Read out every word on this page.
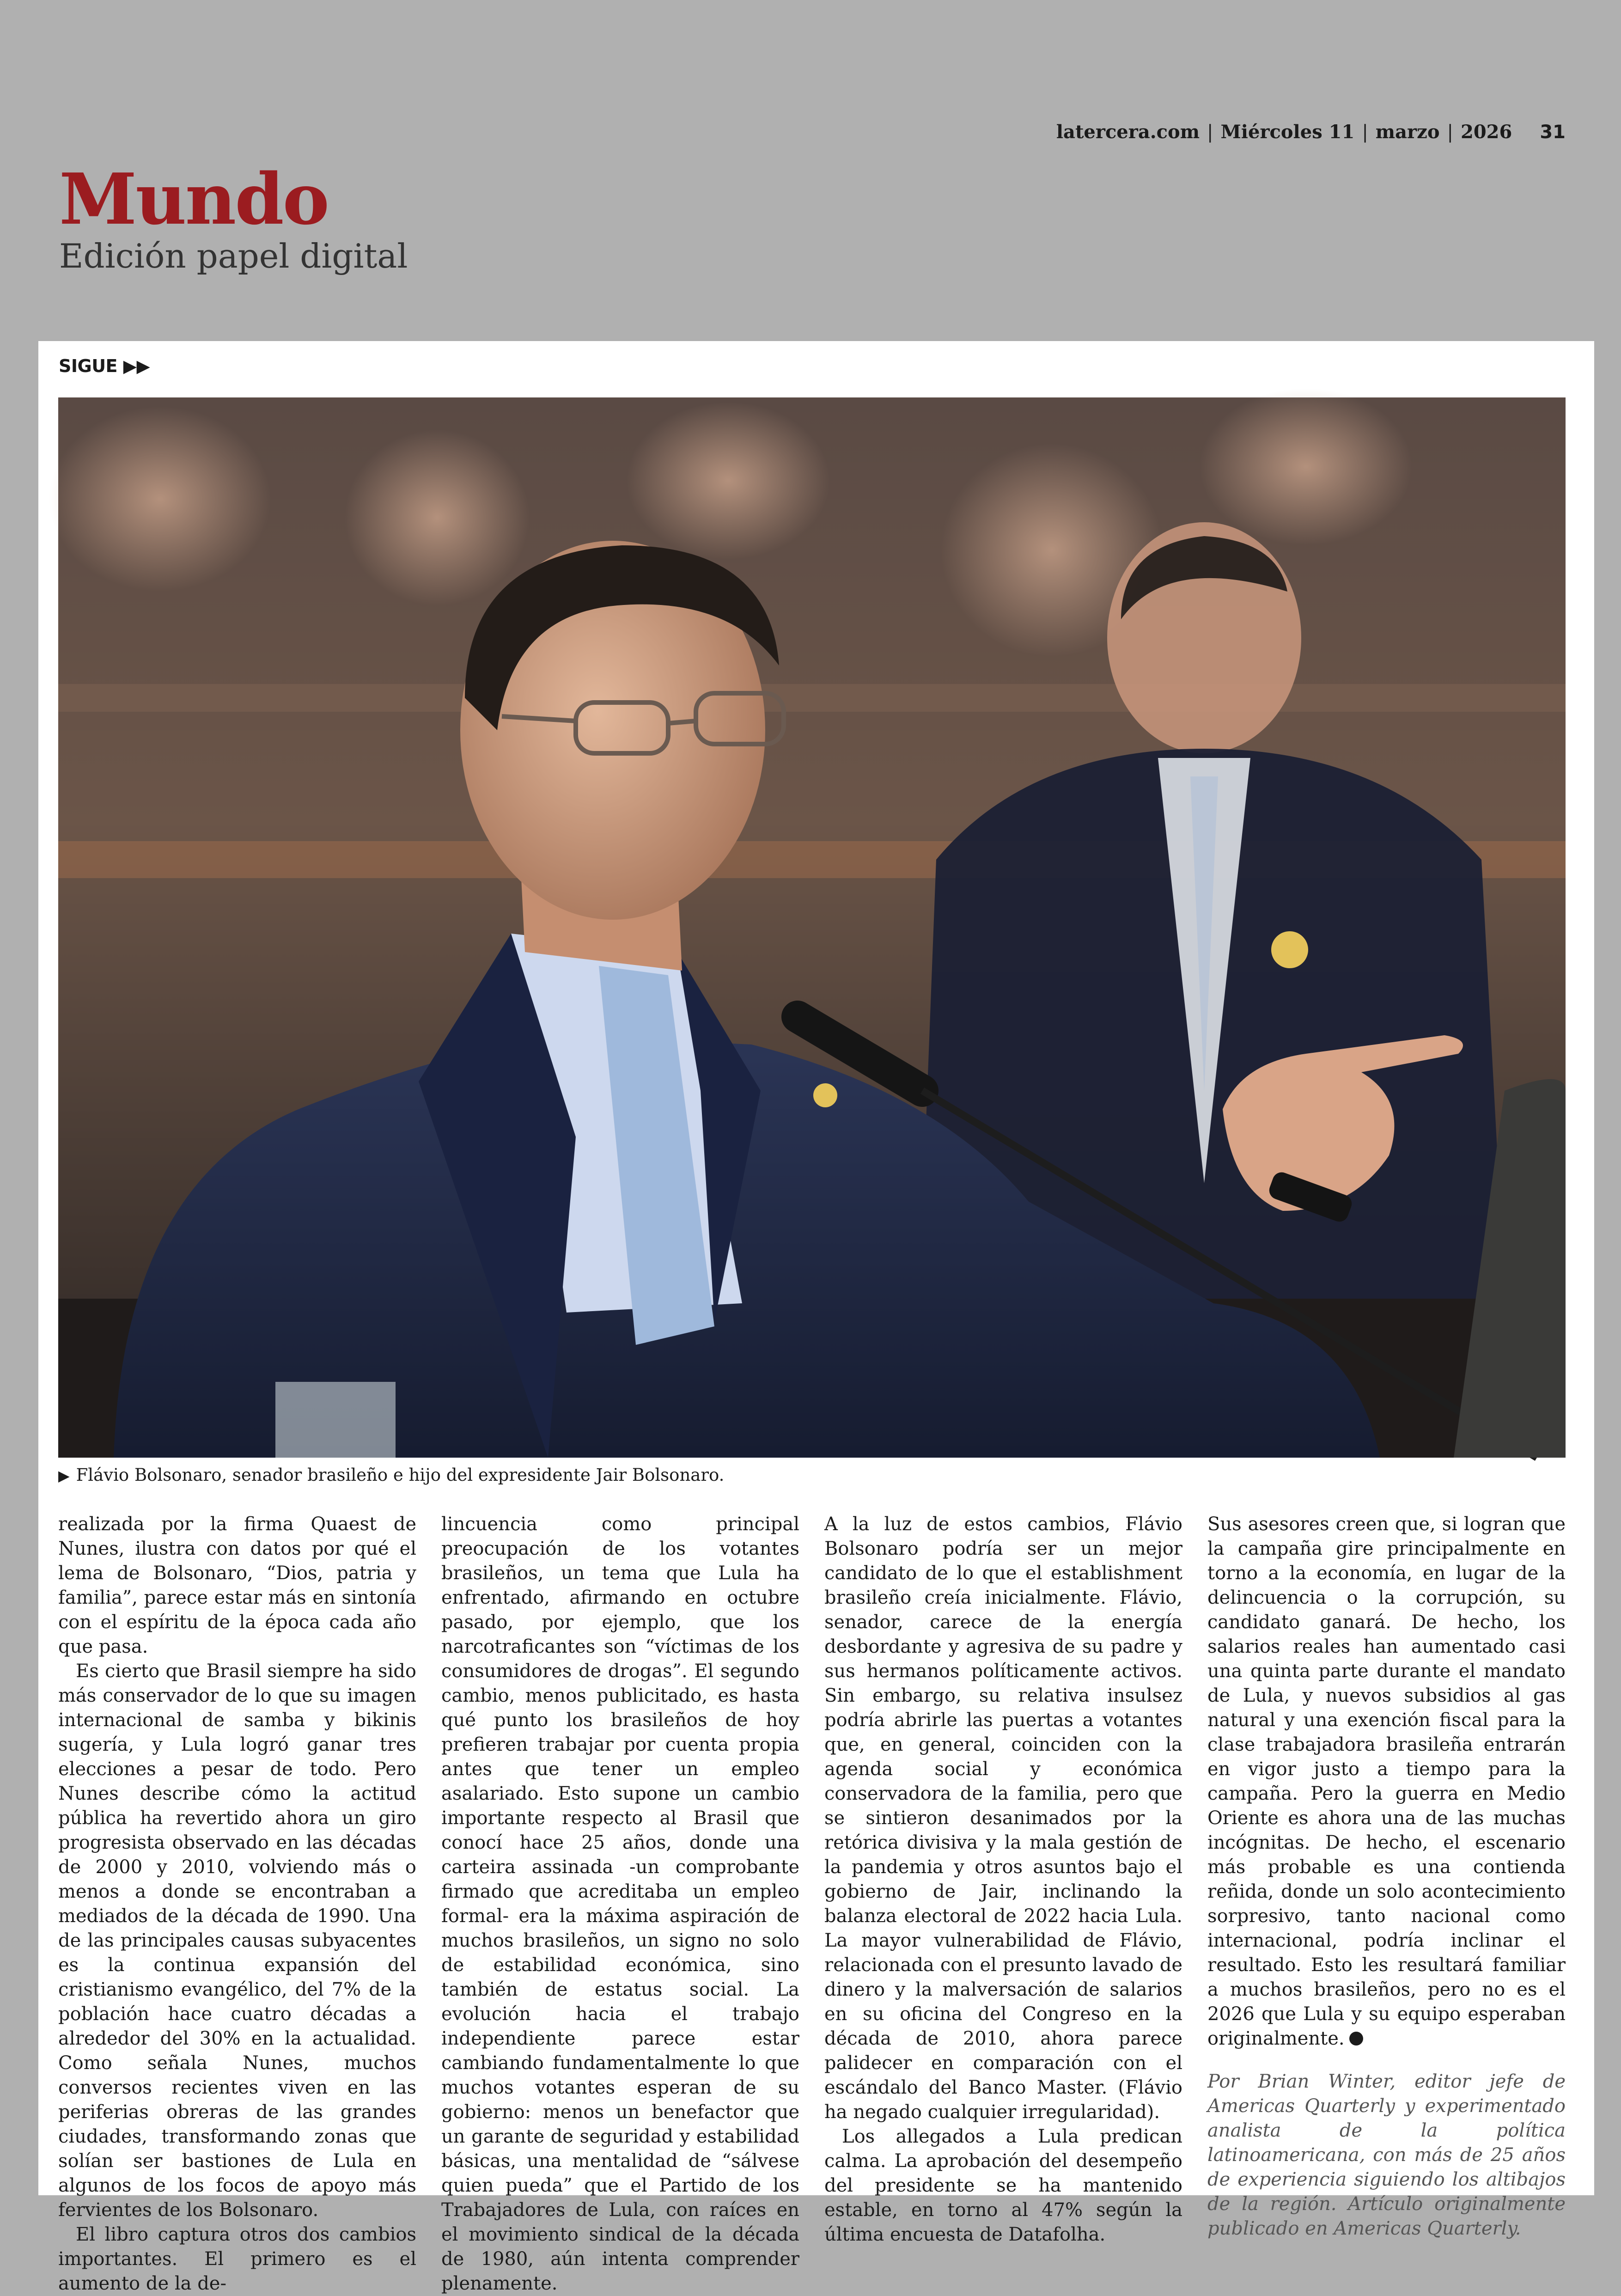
latercera.com | Miércoles 11 | marzo | 2026 31
Mundo
Edición papel digital
SIGUE ▶▶
▶ Flávio Bolsonaro, senador brasileño e hijo del expresidente Jair Bolsonaro.

realizada por la firma Quaest de Nunes, ilustra con datos por qué el lema de Bolsonaro, “Dios, patria y familia”, parece estar más en sintonía con el espíritu de la época cada año que pasa.

Es cierto que Brasil siempre ha sido más conservador de lo que su imagen internacional de samba y bikinis sugería, y Lula logró ganar tres elecciones a pesar de todo. Pero Nunes describe cómo la actitud pública ha revertido ahora un giro progresista observado en las décadas de 2000 y 2010, volviendo más o menos a donde se encontraban a mediados de la década de 1990. Una de las principales causas subyacentes es la continua expansión del cristianismo evangélico, del 7% de la población hace cuatro décadas a alrededor del 30% en la actualidad. Como señala Nunes, muchos conversos recientes viven en las periferias obreras de las grandes ciudades, transformando zonas que solían ser bastiones de Lula en algunos de los focos de apoyo más fervientes de los Bolsonaro.

El libro captura otros dos cambios importantes. El primero es el aumento de la de-

lincuencia como principal preocupación de los votantes brasileños, un tema que Lula ha enfrentado, afirmando en octubre pasado, por ejemplo, que los narcotraficantes son “víctimas de los consumidores de drogas”. El segundo cambio, menos publicitado, es hasta qué punto los brasileños de hoy prefieren trabajar por cuenta propia antes que tener un empleo asalariado. Esto supone un cambio importante respecto al Brasil que conocí hace 25 años, donde una carteira assinada -un comprobante firmado que acreditaba un empleo formal- era la máxima aspiración de muchos brasileños, un signo no solo de estabilidad económica, sino también de estatus social. La evolución hacia el trabajo independiente parece estar cambiando fundamentalmente lo que muchos votantes esperan de su gobierno: menos un benefactor que un garante de seguridad y estabilidad básicas, una mentalidad de “sálvese quien pueda” que el Partido de los Trabajadores de Lula, con raíces en el movimiento sindical de la década de 1980, aún intenta comprender plenamente.

A la luz de estos cambios, Flávio Bolsonaro podría ser un mejor candidato de lo que el establishment brasileño creía inicialmente. Flávio, senador, carece de la energía desbordante y agresiva de su padre y sus hermanos políticamente activos. Sin embargo, su relativa insulsez podría abrirle las puertas a votantes que, en general, coinciden con la agenda social y económica conservadora de la familia, pero que se sintieron desanimados por la retórica divisiva y la mala gestión de la pandemia y otros asuntos bajo el gobierno de Jair, inclinando la balanza electoral de 2022 hacia Lula. La mayor vulnerabilidad de Flávio, relacionada con el presunto lavado de dinero y la malversación de salarios en su oficina del Congreso en la década de 2010, ahora parece palidecer en comparación con el escándalo del Banco Master. (Flávio ha negado cualquier irregularidad).

Los allegados a Lula predican calma. La aprobación del desempeño del presidente se ha mantenido estable, en torno al 47% según la última encuesta de Datafolha.

Sus asesores creen que, si logran que la campaña gire principalmente en torno a la economía, en lugar de la delincuencia o la corrupción, su candidato ganará. De hecho, los salarios reales han aumentado casi una quinta parte durante el mandato de Lula, y nuevos subsidios al gas natural y una exención fiscal para la clase trabajadora brasileña entrarán en vigor justo a tiempo para la campaña. Pero la guerra en Medio Oriente es ahora una de las muchas incógnitas. De hecho, el escenario más probable es una contienda reñida, donde un solo acontecimiento sorpresivo, tanto nacional como internacional, podría inclinar el resultado. Esto les resultará familiar a muchos brasileños, pero no es el 2026 que Lula y su equipo esperaban originalmente.

Por Brian Winter, editor jefe de Americas Quarterly y experimentado analista de la política latinoamericana, con más de 25 años de experiencia siguiendo los altibajos de la región. Artículo originalmente publicado en Americas Quarterly.
